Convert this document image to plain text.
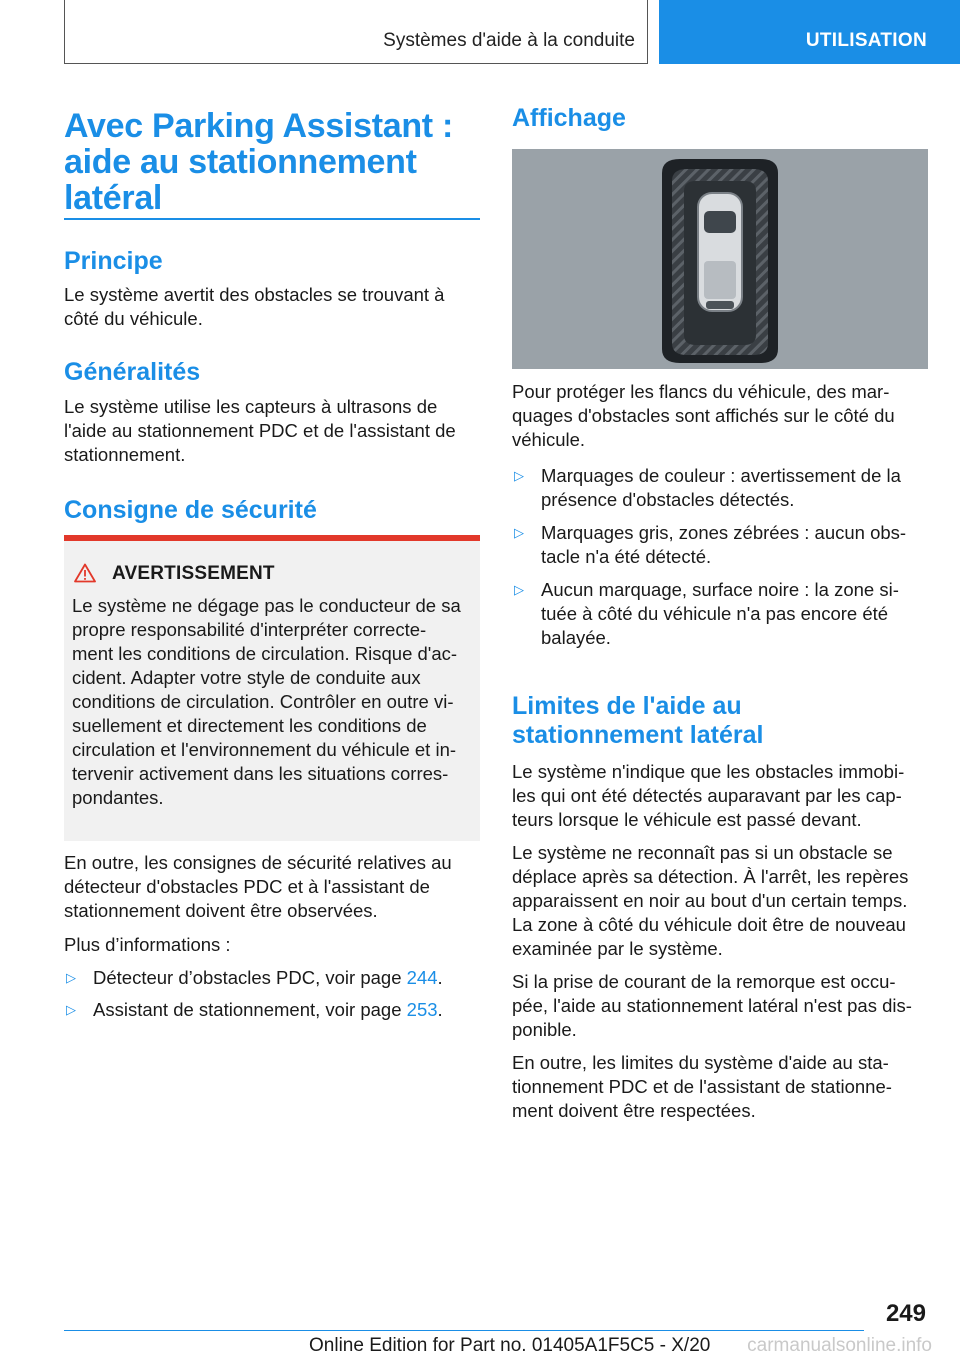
Systèmes d'aide à la conduite	UTILISATION
Avec Parking Assistant :
aide au stationnement
latéral
Principe

Le système avertit des obstacles se trouvant à
côté du véhicule.

Généralités

Le système utilise les capteurs à ultrasons de
l'aide au stationnement PDC et de l'assistant de
stationnement.

Consigne de sécurité
AVERTISSEMENT
Le système ne dégage pas le conducteur de sa
propre responsabilité d'interpréter correcte-
ment les conditions de circulation. Risque d'ac-
cident. Adapter votre style de conduite aux
conditions de circulation. Contrôler en outre vi-
suellement et directement les conditions de
circulation et l'environnement du véhicule et in-
tervenir activement dans les situations corres-
pondantes.

En outre, les consignes de sécurité relatives au
détecteur d'obstacles PDC et à l'assistant de
stationnement doivent être observées.

Plus d’informations :

▷ Détecteur d’obstacles PDC, voir page 244.

▷ Assistant de stationnement, voir page 253.

Affichage

Pour protéger les flancs du véhicule, des mar-
quages d'obstacles sont affichés sur le côté du
véhicule.

▷ Marquages de couleur : avertissement de la
présence d'obstacles détectés.

▷ Marquages gris, zones zébrées : aucun obs-
tacle n'a été détecté.

▷ Aucun marquage, surface noire : la zone si-
tuée à côté du véhicule n'a pas encore été
balayée.

Limites de l'aide au
stationnement latéral

Le système n'indique que les obstacles immobi-
les qui ont été détectés auparavant par les cap-
teurs lorsque le véhicule est passé devant.

Le système ne reconnaît pas si un obstacle se
déplace après sa détection. À l'arrêt, les repères
apparaissent en noir au bout d'un certain temps.
La zone à côté du véhicule doit être de nouveau
examinée par le système.

Si la prise de courant de la remorque est occu-
pée, l'aide au stationnement latéral n'est pas dis-
ponible.

En outre, les limites du système d'aide au sta-
tionnement PDC et de l'assistant de stationne-
ment doivent être respectées.

249
Online Edition for Part no. 01405A1F5C5 - X/20 carmanualsonline.info
